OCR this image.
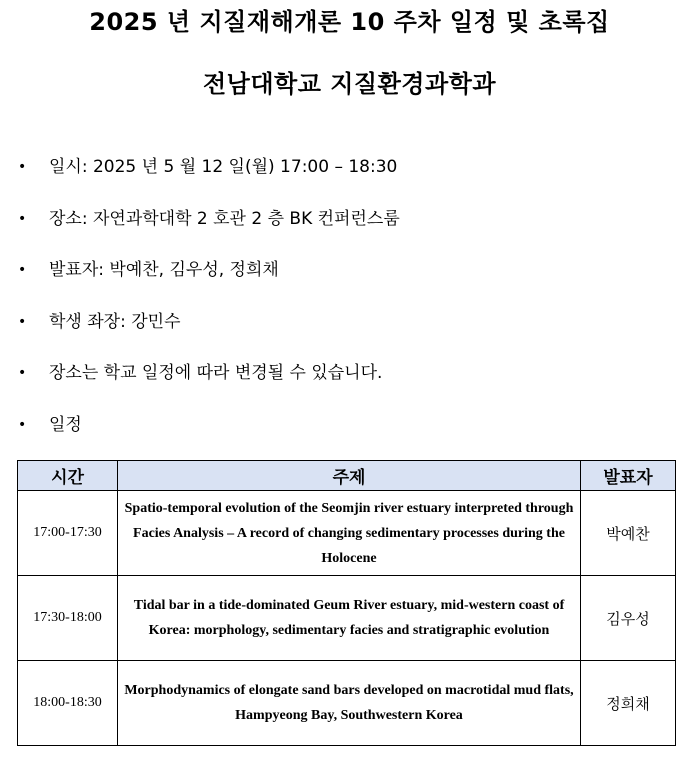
2025 년 지질재해개론 10 주차 일정 및 초록집
전남대학교 지질환경과학과
• 일시: 2025 년 5 월 12 일(월) 17:00 – 18:30
• 장소: 자연과학대학 2 호관 2 층 BK 컨퍼런스룸
• 발표자: 박예찬, 김우성, 정희채
• 학생 좌장: 강민수
• 장소는 학교 일정에 따라 변경될 수 있습니다.
• 일정
시간	주제	발표자
17:00-17:30	Spatio-temporal evolution of the Seomjin river estuary interpreted through Facies Analysis – A record of changing sedimentary processes during the Holocene	박예찬
17:30-18:00	Tidal bar in a tide-dominated Geum River estuary, mid-western coast of Korea: morphology, sedimentary facies and stratigraphic evolution	김우성
18:00-18:30	Morphodynamics of elongate sand bars developed on macrotidal mud flats, Hampyeong Bay, Southwestern Korea	정희채
